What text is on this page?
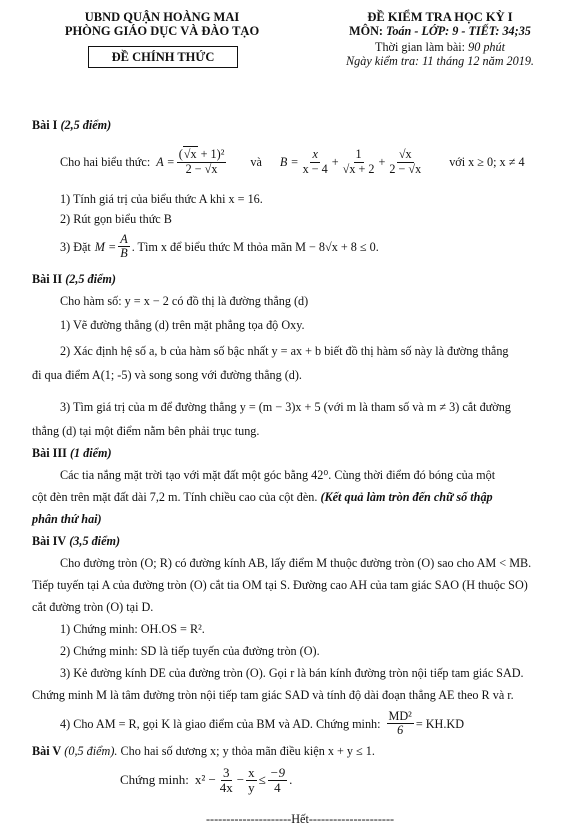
UBND QUẬN HOÀNG MAI
PHÒNG GIÁO DỤC VÀ ĐÀO TẠO
ĐỀ CHÍNH THỨC
ĐỀ KIỂM TRA HỌC KỲ I
MÔN: Toán - LỚP: 9 - TIẾT: 34;35
Thời gian làm bài: 90 phút
Ngày kiểm tra: 11 tháng 12 năm 2019.
Bài I (2,5 điểm)
Cho hai biểu thức: $A = \frac{\text{(√x + 1)²}}{2 - √x}$ và $B = \frac{x}{x - 4} + \frac{1}{√x + 2} + \frac{√x}{2 - √x}$ với x ≥ 0; x ≠ 4
1) Tính giá trị của biểu thức A khi x = 16.
2) Rút gọn biểu thức B
3) Đặt $M = \frac{A}{B}$ . Tìm x để biểu thức M thỏa mãn M − 8√x + 8 ≤ 0.
Bài II (2,5 điểm)
Cho hàm số: y = x − 2 có đồ thị là đường thẳng (d)
1) Vẽ đường thẳng (d) trên mặt phẳng tọa độ Oxy.
2) Xác định hệ số a, b của hàm số bậc nhất y = ax + b biết đồ thị hàm số này là đường thẳng
đi qua điểm A(1; -5) và song song với đường thẳng (d).
3) Tìm giá trị của m để đường thẳng y = (m − 3)x + 5 (với m là tham số và m ≠ 3) cắt đường
thẳng (d) tại một điểm nằm bên phải trục tung.
Bài III (1 điểm)
Các tia nắng mặt trời tạo với mặt đất một góc bằng 42⁰. Cùng thời điểm đó bóng của một
cột đèn trên mặt đất dài 7,2 m. Tính chiều cao của cột đèn. (Kết quả làm tròn đến chữ số thập
phân thứ hai)
Bài IV (3,5 điểm)
Cho đường tròn (O; R) có đường kính AB, lấy điểm M thuộc đường tròn (O) sao cho AM < MB.
Tiếp tuyến tại A của đường tròn (O) cắt tia OM tại S. Đường cao AH của tam giác SAO (H thuộc SO)
cắt đường tròn (O) tại D.
1) Chứng minh: OH.OS = R².
2) Chứng minh: SD là tiếp tuyến của đường tròn (O).
3) Kẻ đường kính DE của đường tròn (O). Gọi r là bán kính đường tròn nội tiếp tam giác SAD.
Chứng minh M là tâm đường tròn nội tiếp tam giác SAD và tính độ dài đoạn thẳng AE theo R và r.
4) Cho AM = R, gọi K là giao điểm của BM và AD. Chứng minh: $\frac{\text{MD²}}{6} = KH.KD$
Bài V (0,5 điểm). Cho hai số dương x; y thỏa mãn điều kiện x + y ≤ 1.
Chứng minh: $x^2 - \frac{3}{4x} - \frac{x}{y} \le \frac{-9}{4}$ .
---------------------Hết---------------------
